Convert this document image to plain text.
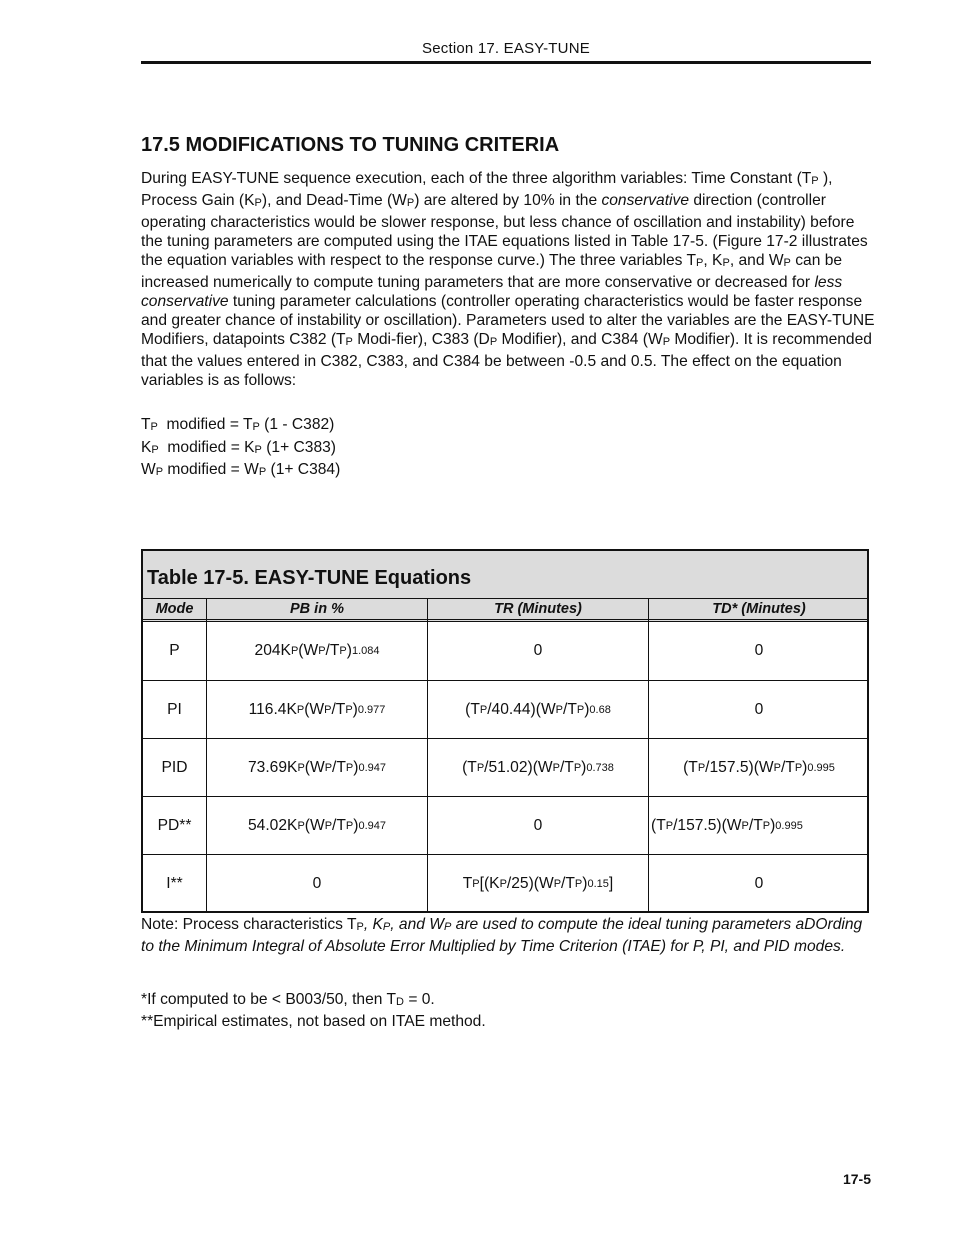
Section 17. EASY-TUNE
17.5 MODIFICATIONS TO TUNING CRITERIA

During EASY-TUNE sequence execution, each of the three algorithm variables: Time Constant (TP ), Process Gain (KP), and Dead-Time (WP) are altered by 10% in the conservative direction (controller operating characteristics would be slower response, but less chance of oscillation and instability) before the tuning parameters are computed using the ITAE equations listed in Table 17-5. (Figure 17-2 illustrates the equation variables with respect to the response curve.) The three variables TP, KP, and WP can be increased numerically to compute tuning parameters that are more conservative or decreased for less conservative tuning parameter calculations (controller operating characteristics would be faster response and greater chance of instability or oscillation). Parameters used to alter the variables are the EASY-TUNE Modifiers, datapoints C382 (TP Modi-fier), C383 (DP Modifier), and C384 (WP Modifier). It is recommended that the values entered in C382, C383, and C384 be between -0.5 and 0.5. The effect on the equation variables is as follows:

TP  modified = TP (1 - C382)
KP  modified = KP (1+ C383)
WP modified = WP (1+ C384)
Table 17-5. EASY-TUNE Equations
Mode	PB in %	TR (Minutes)	TD* (Minutes)
P	204K P (W P /T P ) 1.084	0	0
PI	116.4K P (W P /T P ) 0.977	(T P /40.44)(W P /T P ) 0.68	0
PID	73.69K P (W P /T P ) 0.947	(T P /51.02)(W P /T P ) 0.738	(T P /157.5)(W P /T P ) 0.995
PD**	54.02K P (W P /T P ) 0.947	0	(T P /157.5)(W P /T P ) 0.995
I**	0	T P [(K P /25)(W P /T P ) 0.15 ]	0

Note: Process characteristics TP, KP, and WP are used to compute the ideal tuning parameters aDOrding to the Minimum Integral of Absolute Error Multiplied by Time Criterion (ITAE) for P, PI, and PID modes.

*If computed to be < B003/50, then TD = 0.
**Empirical estimates, not based on ITAE method.
17-5
